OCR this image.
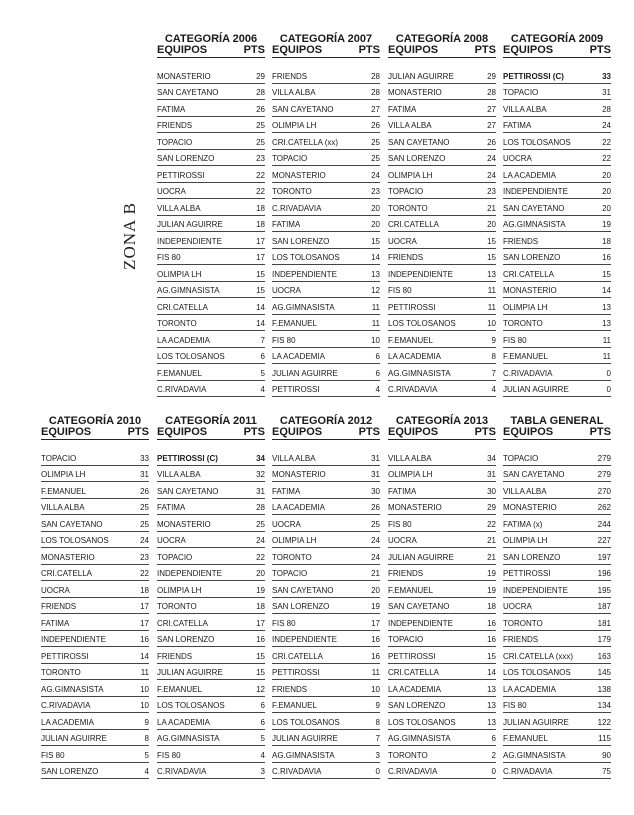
ZONA B
CATEGORÍA 2006
EQUIPOS	PTS
MONASTERIO	29
SAN CAYETANO	28
FATIMA	26
FRIENDS	25
TOPACIO	25
SAN LORENZO	23
PETTIROSSI	22
UOCRA	22
VILLA ALBA	18
JULIAN AGUIRRE	18
INDEPENDIENTE	17
FIS 80	17
OLIMPIA LH	15
AG.GIMNASISTA	15
CRI.CATELLA	14
TORONTO	14
LA ACADEMIA	7
LOS TOLOSANOS	6
F.EMANUEL	5
C.RIVADAVIA	4
CATEGORÍA 2007
EQUIPOS	PTS
FRIENDS	28
VILLA ALBA	28
SAN CAYETANO	27
OLIMPIA LH	26
CRI.CATELLA (xx)	25
TOPACIO	25
MONASTERIO	24
TORONTO	23
C.RIVADAVIA	20
FATIMA	20
SAN LORENZO	15
LOS TOLOSANOS	14
INDEPENDIENTE	13
UOCRA	12
AG.GIMNASISTA	11
F.EMANUEL	11
FIS 80	10
LA ACADEMIA	6
JULIAN AGUIRRE	6
PETTIROSSI	4
CATEGORÍA 2008
EQUIPOS	PTS
JULIAN AGUIRRE	29
MONASTERIO	28
FATIMA	27
VILLA ALBA	27
SAN CAYETANO	26
SAN LORENZO	24
OLIMPIA LH	24
TOPACIO	23
TORONTO	21
CRI.CATELLA	20
UOCRA	15
FRIENDS	15
INDEPENDIENTE	13
FIS 80	11
PETTIROSSI	11
LOS TOLOSANOS	10
F.EMANUEL	9
LA ACADEMIA	8
AG.GIMNASISTA	7
C.RIVADAVIA	4
CATEGORÍA 2009
EQUIPOS	PTS
PETTIROSSI (C)	33
TOPACIO	31
VILLA ALBA	28
FATIMA	24
LOS TOLOSANOS	22
UOCRA	22
LA ACADEMIA	20
INDEPENDIENTE	20
SAN CAYETANO	20
AG.GIMNASISTA	19
FRIENDS	18
SAN LORENZO	16
CRI.CATELLA	15
MONASTERIO	14
OLIMPIA LH	13
TORONTO	13
FIS 80	11
F.EMANUEL	11
C.RIVADAVIA	0
JULIAN AGUIRRE	0
CATEGORÍA 2010
EQUIPOS	PTS
TOPACIO	33
OLIMPIA LH	31
F.EMANUEL	26
VILLA ALBA	25
SAN CAYETANO	25
LOS TOLOSANOS	24
MONASTERIO	23
CRI.CATELLA	22
UOCRA	18
FRIENDS	17
FATIMA	17
INDEPENDIENTE	16
PETTIROSSI	14
TORONTO	11
AG.GIMNASISTA	10
C.RIVADAVIA	10
LA ACADEMIA	9
JULIAN AGUIRRE	8
FIS 80	5
SAN LORENZO	4
CATEGORÍA 2011
EQUIPOS	PTS
PETTIROSSI (C)	34
VILLA ALBA	32
SAN CAYETANO	31
FATIMA	28
MONASTERIO	25
UOCRA	24
TOPACIO	22
INDEPENDIENTE	20
OLIMPIA LH	19
TORONTO	18
CRI.CATELLA	17
SAN LORENZO	16
FRIENDS	15
JULIAN AGUIRRE	15
F.EMANUEL	12
LOS TOLOSANOS	6
LA ACADEMIA	6
AG.GIMNASISTA	5
FIS 80	4
C.RIVADAVIA	3
CATEGORÍA 2012
EQUIPOS	PTS
VILLA ALBA	31
MONASTERIO	31
FATIMA	30
LA ACADEMIA	26
UOCRA	25
OLIMPIA LH	24
TORONTO	24
TOPACIO	21
SAN CAYETANO	20
SAN LORENZO	19
FIS 80	17
INDEPENDIENTE	16
CRI.CATELLA	16
PETTIROSSI	11
FRIENDS	10
F.EMANUEL	9
LOS TOLOSANOS	8
JULIAN AGUIRRE	7
AG.GIMNASISTA	3
C.RIVADAVIA	0
CATEGORÍA 2013
EQUIPOS	PTS
VILLA ALBA	34
OLIMPIA LH	31
FATIMA	30
MONASTERIO	29
FIS 80	22
UOCRA	21
JULIAN AGUIRRE	21
FRIENDS	19
F.EMANUEL	19
SAN CAYETANO	18
INDEPENDIENTE	16
TOPACIO	16
PETTIROSSI	15
CRI.CATELLA	14
LA ACADEMIA	13
SAN LORENZO	13
LOS TOLOSANOS	13
AG.GIMNASISTA	6
TORONTO	2
C.RIVADAVIA	0
TABLA GENERAL
EQUIPOS	PTS
TOPACIO	279
SAN CAYETANO	279
VILLA ALBA	270
MONASTERIO	262
FATIMA (x)	244
OLIMPIA LH	227
SAN LORENZO	197
PETTIROSSI	196
INDEPENDIENTE	195
UOCRA	187
TORONTO	181
FRIENDS	179
CRI.CATELLA (xxx)	163
LOS TOLOSANOS	145
LA ACADEMIA	138
FIS 80	134
JULIAN AGUIRRE	122
F.EMANUEL	115
AG.GIMNASISTA	90
C.RIVADAVIA	75
